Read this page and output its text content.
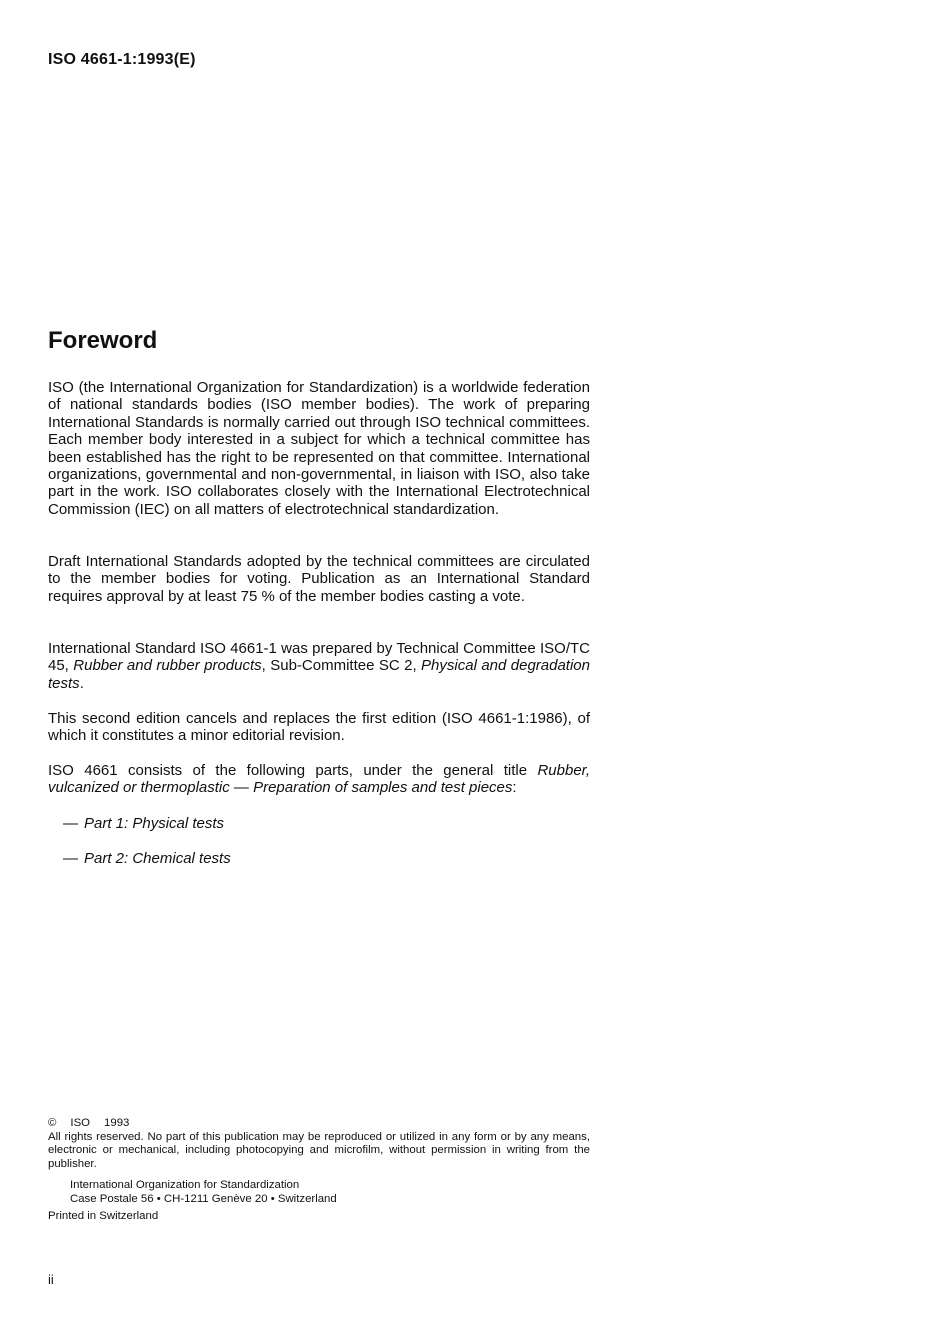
ISO 4661-1:1993(E)
Foreword

ISO (the International Organization for Standardization) is a worldwide federation of national standards bodies (ISO member bodies). The work of preparing International Standards is normally carried out through ISO technical committees. Each member body interested in a subject for which a technical committee has been established has the right to be represented on that committee. International organizations, governmental and non-governmental, in liaison with ISO, also take part in the work. ISO collaborates closely with the International Electrotechnical Commission (IEC) on all matters of electrotechnical standardization.

Draft International Standards adopted by the technical committees are circulated to the member bodies for voting. Publication as an International Standard requires approval by at least 75 % of the member bodies casting a vote.

International Standard ISO 4661-1 was prepared by Technical Committee ISO/TC 45, Rubber and rubber products, Sub-Committee SC 2, Physical and degradation tests.

This second edition cancels and replaces the first edition (ISO 4661-1:1986), of which it constitutes a minor editorial revision.

ISO 4661 consists of the following parts, under the general title Rubber, vulcanized or thermoplastic — Preparation of samples and test pieces:

— Part 1: Physical tests
— Part 2: Chemical tests

© ISO 1993

All rights reserved. No part of this publication may be reproduced or utilized in any form or by any means, electronic or mechanical, including photocopying and microfilm, without permission in writing from the publisher.

International Organization for Standardization
Case Postale 56 • CH-1211 Genève 20 • Switzerland
Printed in Switzerland
ii
